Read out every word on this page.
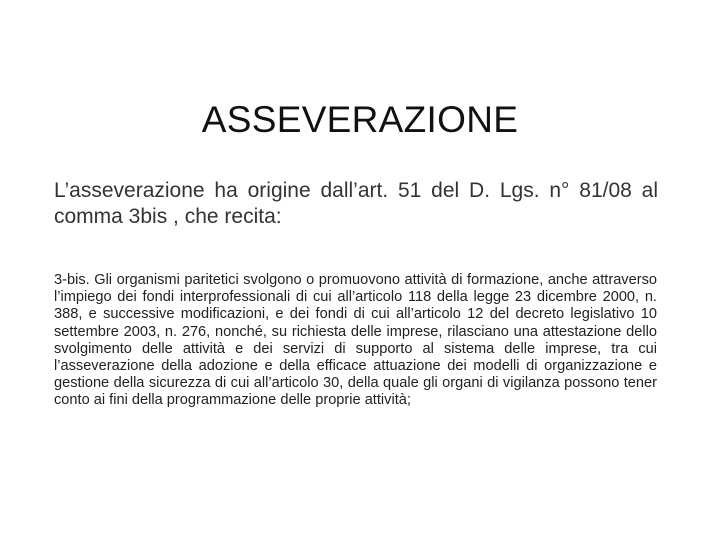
ASSEVERAZIONE

L’asseverazione ha origine dall’art. 51 del D. Lgs. n° 81/08 al comma 3bis , che recita:

3-bis. Gli organismi paritetici svolgono o promuovono attività di formazione, anche attraverso l’impiego dei fondi interprofessionali di cui all’articolo 118 della legge 23 dicembre 2000, n. 388, e successive modificazioni, e dei fondi di cui all’articolo 12 del decreto legislativo 10 settembre 2003, n. 276, nonché, su richiesta delle imprese, rilasciano una attestazione dello svolgimento delle attività e dei servizi di supporto al sistema delle imprese, tra cui l’asseverazione della adozione e della efficace attuazione dei modelli di organizzazione e gestione della sicurezza di cui all’articolo 30, della quale gli organi di vigilanza possono tener conto ai fini della programmazione delle proprie attività;
